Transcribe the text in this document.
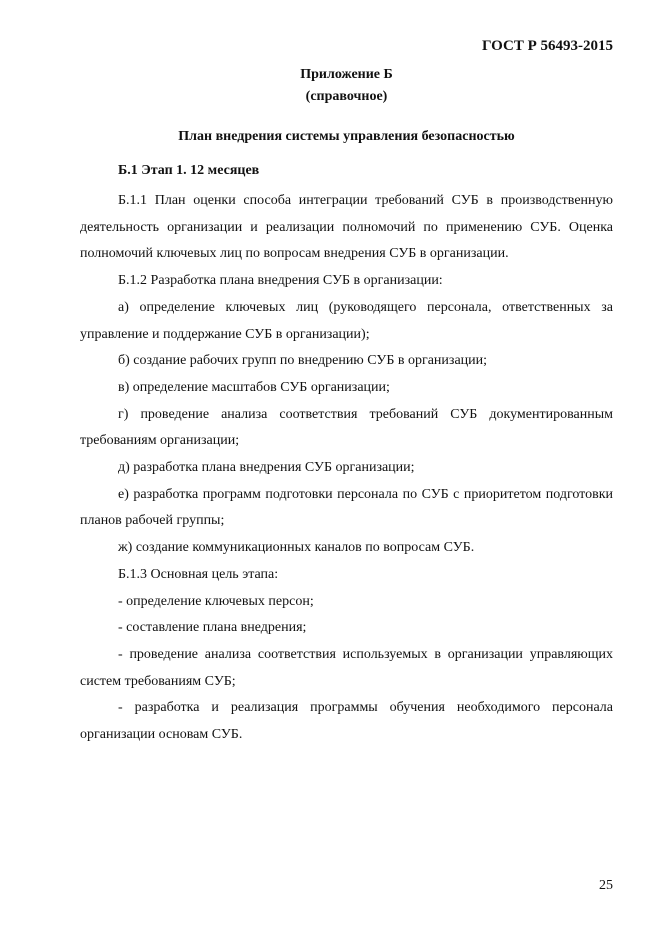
ГОСТ Р 56493-2015
Приложение Б
(справочное)
План внедрения системы управления безопасностью
Б.1 Этап 1. 12 месяцев

Б.1.1 План оценки способа интеграции требований СУБ в производственную деятельность организации и реализации полномочий по применению СУБ. Оценка полномочий ключевых лиц по вопросам внедрения СУБ в организации.

Б.1.2 Разработка плана внедрения СУБ в организации:

а) определение ключевых лиц (руководящего персонала, ответственных за управление и поддержание СУБ в организации);

б) создание рабочих групп по внедрению СУБ в организации;

в) определение масштабов СУБ организации;

г) проведение анализа соответствия требований СУБ документированным требованиям организации;

д) разработка плана внедрения СУБ организации;

е) разработка программ подготовки персонала по СУБ с приоритетом подготовки планов рабочей группы;

ж) создание коммуникационных каналов по вопросам СУБ.

Б.1.3 Основная цель этапа:

- определение ключевых персон;

- составление плана внедрения;

- проведение анализа соответствия используемых в организации управляющих систем требованиям СУБ;

- разработка и реализация программы обучения необходимого персонала организации основам СУБ.

25
